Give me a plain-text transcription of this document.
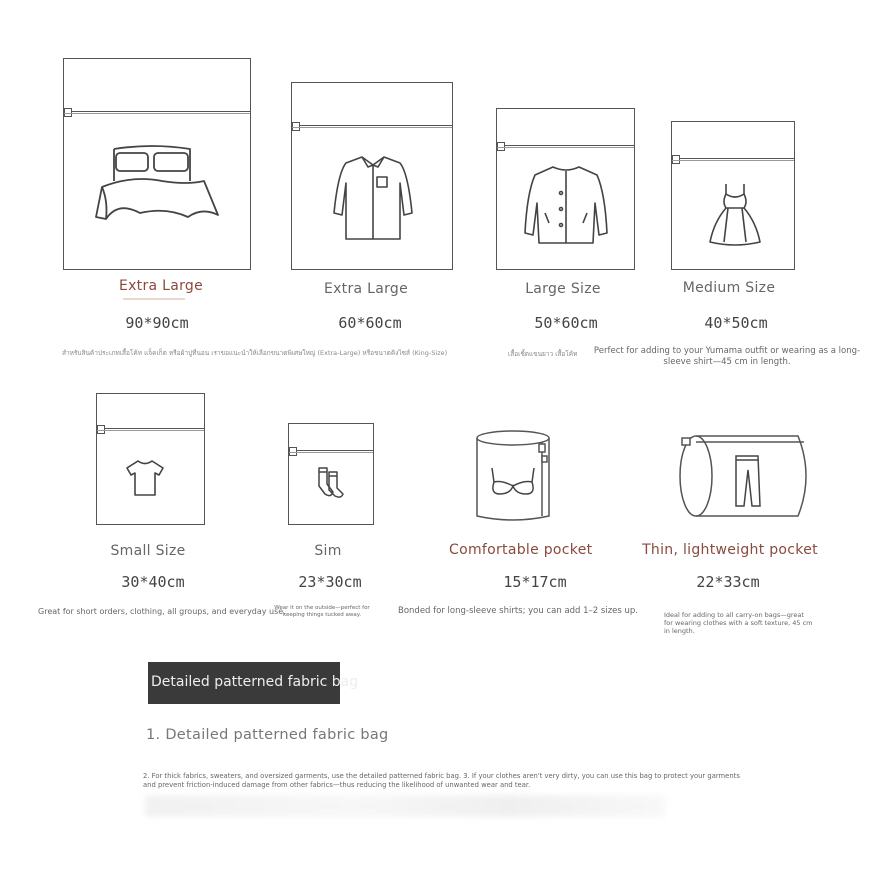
Extra Large
90*90cm
Extra Large
60*60cm
Large Size
50*60cm
Medium Size
40*50cm
สำหรับสินค้าประเภทเสื้อโค้ท แจ็คเก็ต หรือผ้าปูที่นอน เราขอแนะนำให้เลือกขนาดพิเศษใหญ่ (Extra-Large) หรือขนาดคิงไซส์ (King-Size)	เสื้อเชิ้ตแขนยาว เสื้อโค้ท	Perfect for adding to your Yumama outfit or wearing as a long-sleeve shirt—45 cm in length.
Small Size
30*40cm
Sim
23*30cm
Comfortable pocket
15*17cm
Thin, lightweight pocket
22*33cm
Great for short orders, clothing, all groups, and everyday use.
Wear it on the outside—perfect for keeping things tucked away.	Bonded for long-sleeve shirts; you can add 1–2 sizes up.	Ideal for adding to all carry-on bags—great for wearing clothes with a soft texture, 45 cm in length.
Detailed patterned fabric bag
1. Detailed patterned fabric bag
2. For thick fabrics, sweaters, and oversized garments, use the detailed patterned fabric bag. 3. If your clothes aren't very dirty, you can use this bag to protect your garments and prevent friction-induced damage from other fabrics—thus reducing the likelihood of unwanted wear and tear.
